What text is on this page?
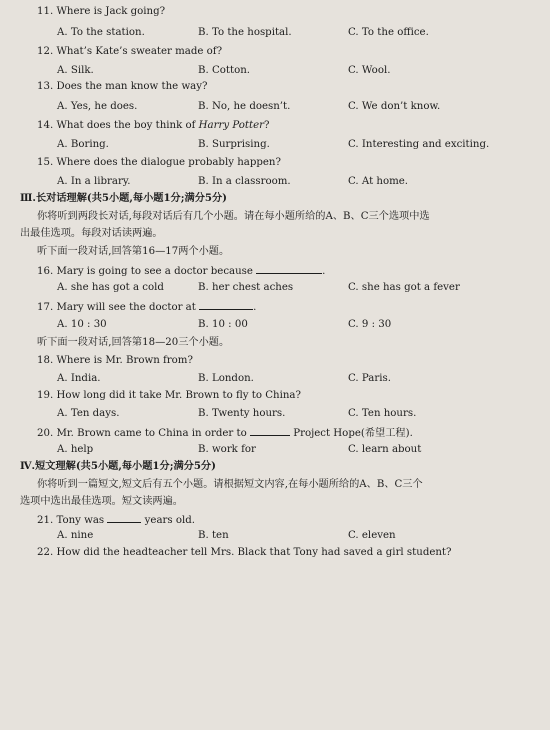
11. Where is Jack going?
A. To the station.	B. To the hospital.	C. To the office.
12. What’s Kate’s sweater made of?
A. Silk.	B. Cotton.	C. Wool.
13. Does the man know the way?
A. Yes, he does.	B. No, he doesn’t.	C. We don’t know.
14. What does the boy think of Harry Potter?
A. Boring.	B. Surprising.	C. Interesting and exciting.
15. Where does the dialogue probably happen?
A. In a library.	B. In a classroom.	C. At home.
Ⅲ.长对话理解(共5小题,每小题1分;满分5分)
你将听到两段长对话,每段对话后有几个小题。请在每小题所给的A、B、C三个选项中选
出最佳选项。每段对话读两遍。
听下面一段对话,回答第16—17两个小题。
16. Mary is going to see a doctor because	.
A. she has got a cold	B. her chest aches	C. she has got a fever
17. Mary will see the doctor at	.
A. 10 : 30	B. 10 : 00	C. 9 : 30
听下面一段对话,回答第18—20三个小题。
18. Where is Mr. Brown from?
A. India.	B. London.	C. Paris.
19. How long did it take Mr. Brown to fly to China?
A. Ten days.	B. Twenty hours.	C. Ten hours.
20. Mr. Brown came to China in order to	Project Hope(希望工程).
A. help	B. work for	C. learn about
Ⅳ.短文理解(共5小题,每小题1分;满分5分)
你将听到一篇短文,短文后有五个小题。请根据短文内容,在每小题所给的A、B、C三个
选项中选出最佳选项。短文读两遍。
21. Tony was	years old.
A. nine	B. ten	C. eleven
22. How did the headteacher tell Mrs. Black that Tony had saved a girl student?
